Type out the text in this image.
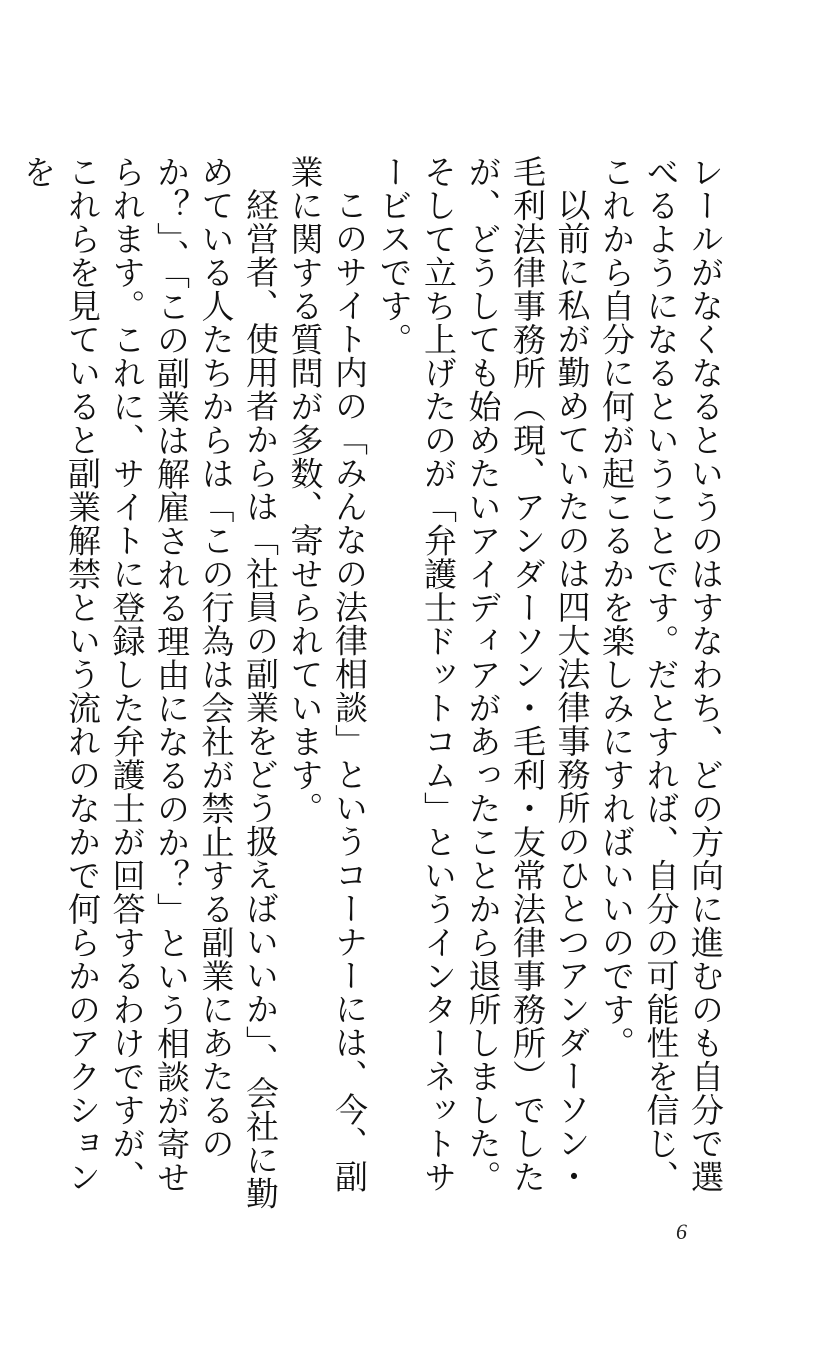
レールがなくなるというのはすなわち、どの方向に進むのも自分で選べるようになるということです。だとすれば、自分の可能性を信じ、これから自分に何が起こるかを楽しみにすればいいのです。

以前に私が勤めていたのは四大法律事務所のひとつアンダーソン・毛利法律事務所（現、アンダーソン・毛利・友常法律事務所）でしたが、どうしても始めたいアイディアがあったことから退所しました。そして立ち上げたのが「弁護士ドットコム」というインターネットサービスです。

このサイト内の「みんなの法律相談」というコーナーには、今、副業に関する質問が多数、寄せられています。

経営者、使用者からは「社員の副業をどう扱えばいいか」、会社に勤めている人たちからは「この行為は会社が禁止する副業にあたるのか？」、「この副業は解雇される理由になるのか？」という相談が寄せられます。これに、サイトに登録した弁護士が回答するわけですが、これらを見ていると副業解禁という流れのなかで何らかのアクションを

6
